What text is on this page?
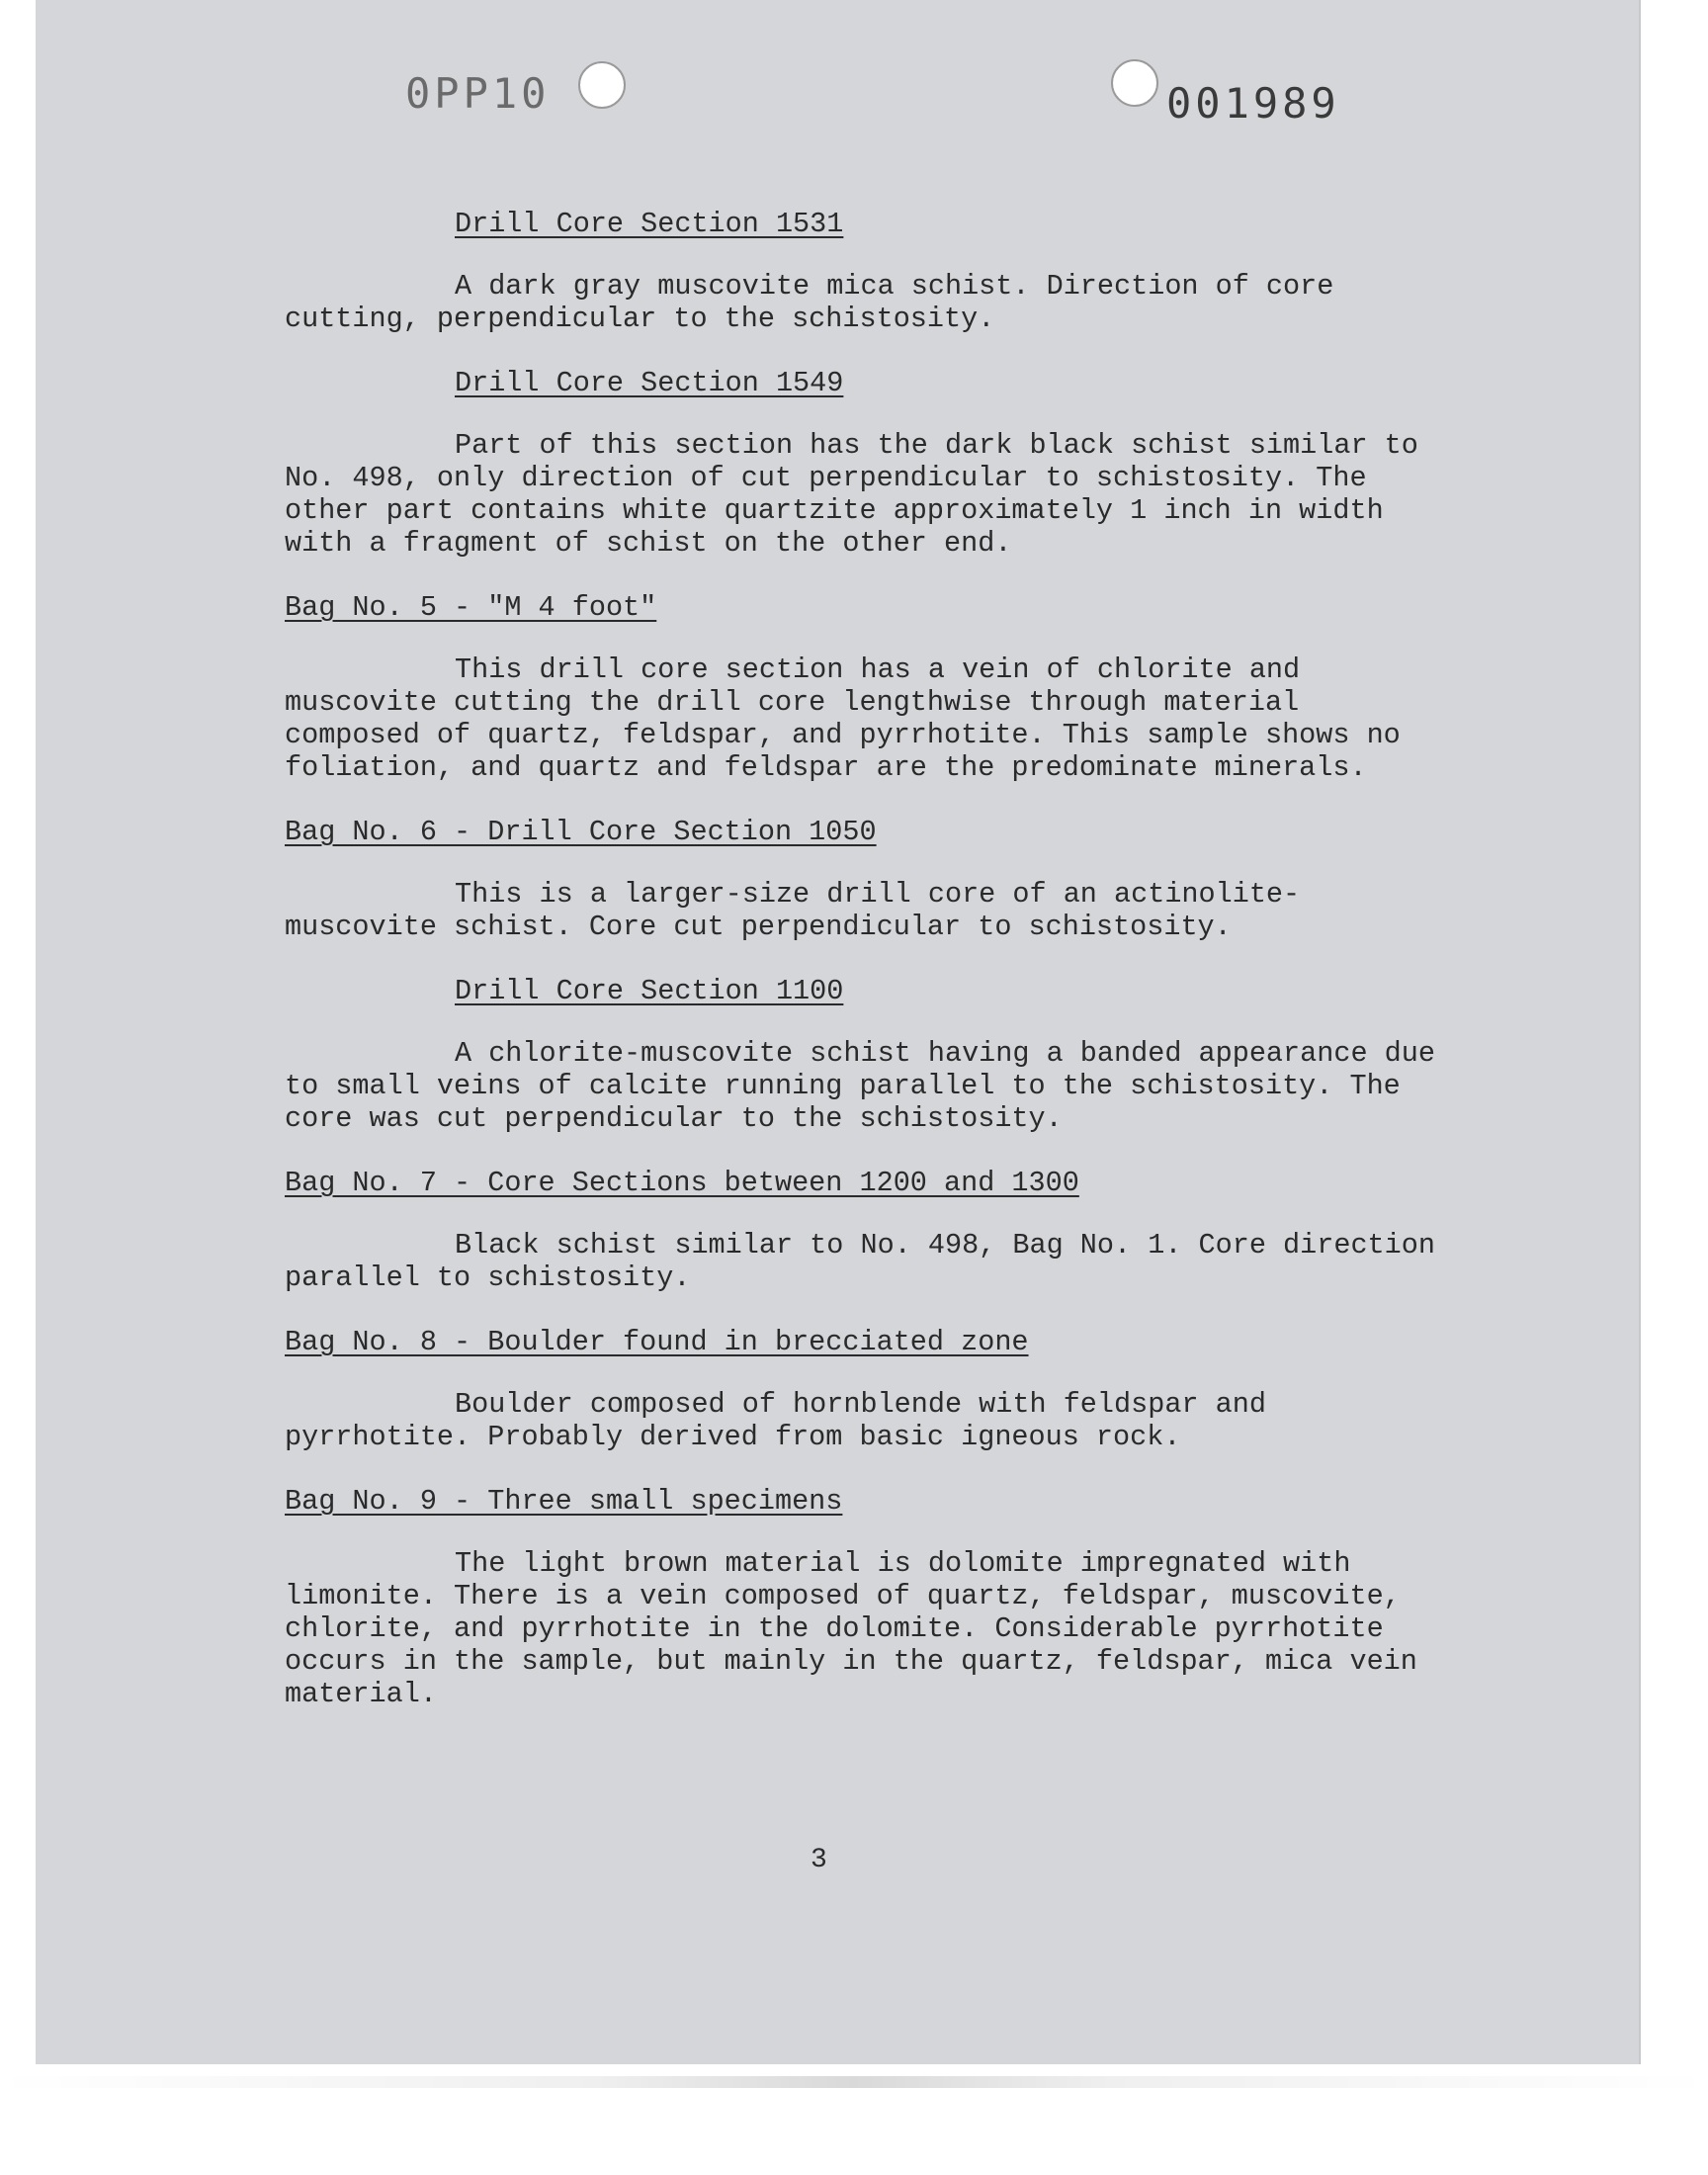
0PP10	001989
Drill Core Section 1531

A dark gray muscovite mica schist. Direction of core cutting, perpendicular to the schistosity.

Drill Core Section 1549

Part of this section has the dark black schist similar to No. 498, only direction of cut perpendicular to schistosity. The other part contains white quartzite approximately 1 inch in width with a fragment of schist on the other end.

Bag No. 5 - "M 4 foot"

This drill core section has a vein of chlorite and muscovite cutting the drill core lengthwise through material composed of quartz, feldspar, and pyrrhotite. This sample shows no foliation, and quartz and feldspar are the predominate minerals.

Bag No. 6 - Drill Core Section 1050

This is a larger-size drill core of an actinolite-muscovite schist. Core cut perpendicular to schistosity.

Drill Core Section 1100

A chlorite-muscovite schist having a banded appearance due to small veins of calcite running parallel to the schistosity. The core was cut perpendicular to the schistosity.

Bag No. 7 - Core Sections between 1200 and 1300

Black schist similar to No. 498, Bag No. 1. Core direction parallel to schistosity.

Bag No. 8 - Boulder found in brecciated zone

Boulder composed of hornblende with feldspar and pyrrhotite. Probably derived from basic igneous rock.

Bag No. 9 - Three small specimens

The light brown material is dolomite impregnated with limonite. There is a vein composed of quartz, feldspar, muscovite, chlorite, and pyrrhotite in the dolomite. Considerable pyrrhotite occurs in the sample, but mainly in the quartz, feldspar, mica vein material.

3
